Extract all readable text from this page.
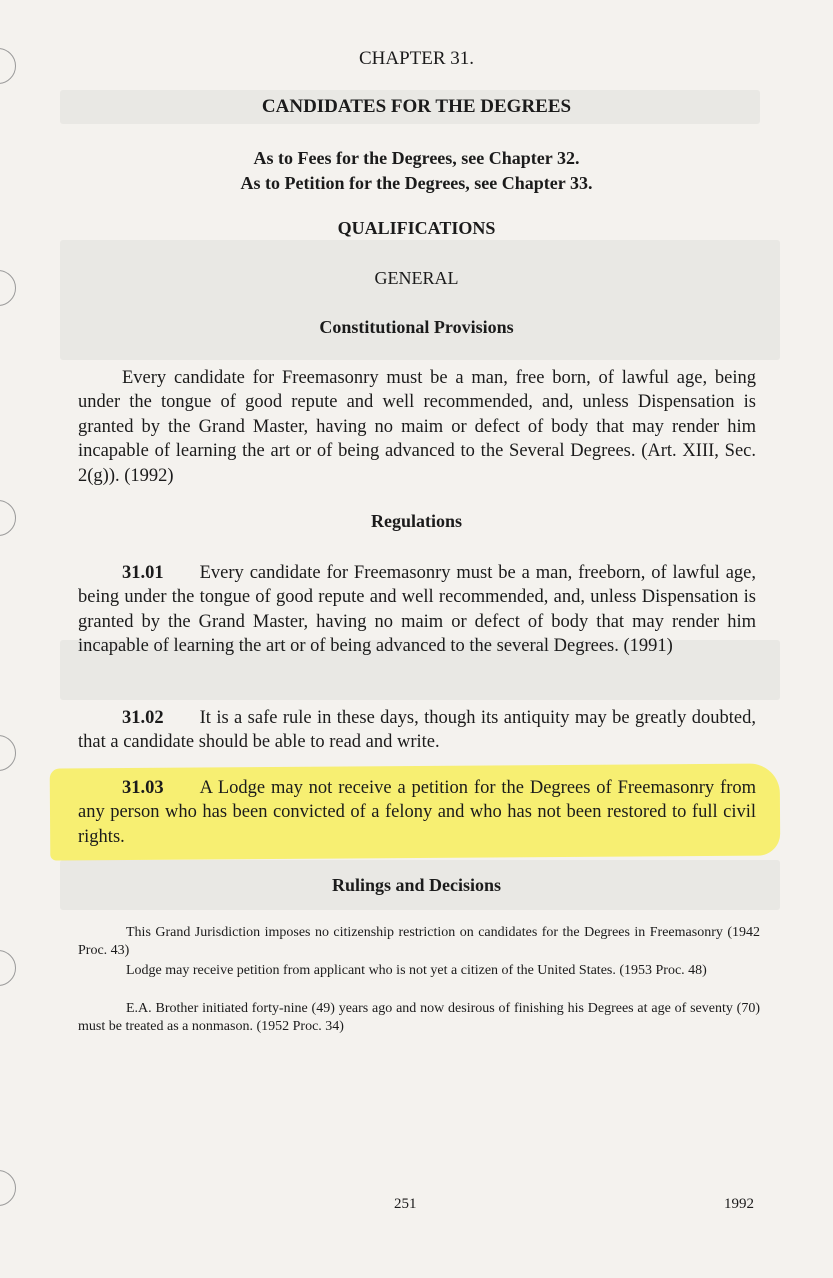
CHAPTER 31.
CANDIDATES FOR THE DEGREES
As to Fees for the Degrees, see Chapter 32.
As to Petition for the Degrees, see Chapter 33.
QUALIFICATIONS
GENERAL
Constitutional Provisions
Every candidate for Freemasonry must be a man, free born, of lawful age, being under the tongue of good repute and well recommended, and, unless Dispensation is granted by the Grand Master, having no maim or defect of body that may render him incapable of learning the art or of being advanced to the Several Degrees. (Art. XIII, Sec. 2(g)). (1992)
Regulations
31.01 Every candidate for Freemasonry must be a man, freeborn, of lawful age, being under the tongue of good repute and well recommended, and, unless Dispensation is granted by the Grand Master, having no maim or defect of body that may render him incapable of learning the art or of being advanced to the several Degrees. (1991)
31.02 It is a safe rule in these days, though its antiquity may be greatly doubted, that a candidate should be able to read and write.
31.03 A Lodge may not receive a petition for the Degrees of Freemasonry from any person who has been convicted of a felony and who has not been restored to full civil rights.
Rulings and Decisions
This Grand Jurisdiction imposes no citizenship restriction on candidates for the Degrees in Freemasonry (1942 Proc. 43)
Lodge may receive petition from applicant who is not yet a citizen of the United States. (1953 Proc. 48)
E.A. Brother initiated forty-nine (49) years ago and now desirous of finishing his Degrees at age of seventy (70) must be treated as a nonmason. (1952 Proc. 34)
251	1992
